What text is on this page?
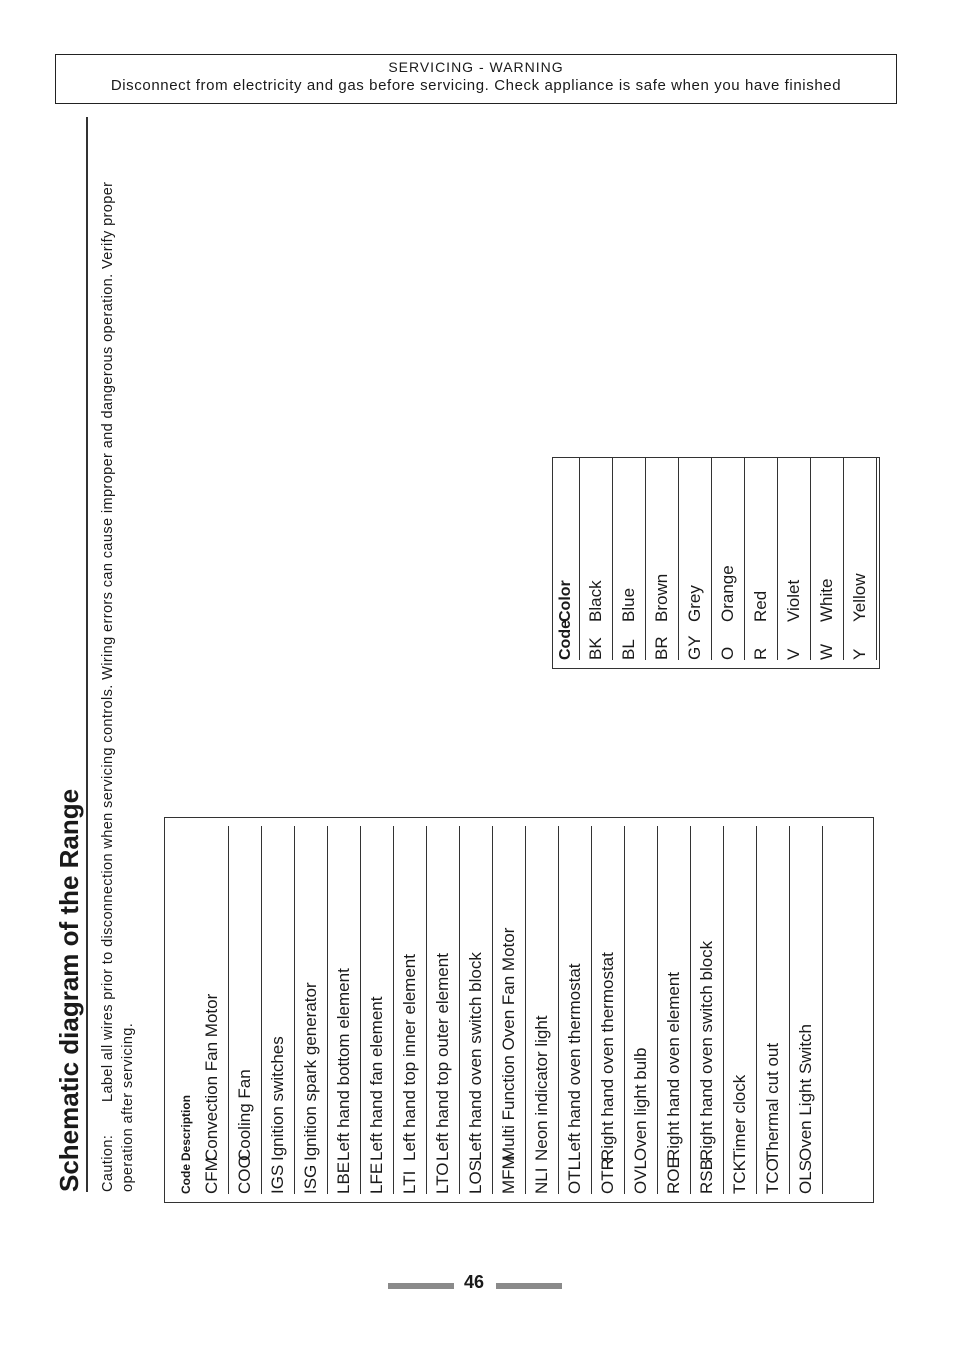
SERVICING - WARNING
Disconnect from electricity and gas before servicing. Check appliance is safe when you have finished
Schematic diagram of the Range Caution:Label all wires prior to disconnection when servicing controls. Wiring errors can cause improper and dangerous operation. Verify proper operation after servicing.	Code
Description
CFM
Convection Fan Motor
COO
Cooling Fan
IGS
Ignition switches
ISG
Ignition spark generator
LBE
Left hand bottom element
LFE
Left hand fan element
LTI
Left hand top inner element
LTO
Left hand top outer element
LOS
Left hand oven switch block
MFM
Multi Function Oven Fan Motor
NLI
Neon indicator light
OTL
Left hand oven thermostat
OTR
Right hand oven thermostat
OVL
Oven light bulb
ROE
Right hand oven element
RSB
Right hand oven switch block
TCK
Timer clock
TCO
Thermal cut out
OLS
Oven Light Switch
Code
Color
BK
Black
BL
Blue
BR
Brown
GY
Grey
O
Orange
R
Red
V
Violet
W
White
Y
Yellow
46
